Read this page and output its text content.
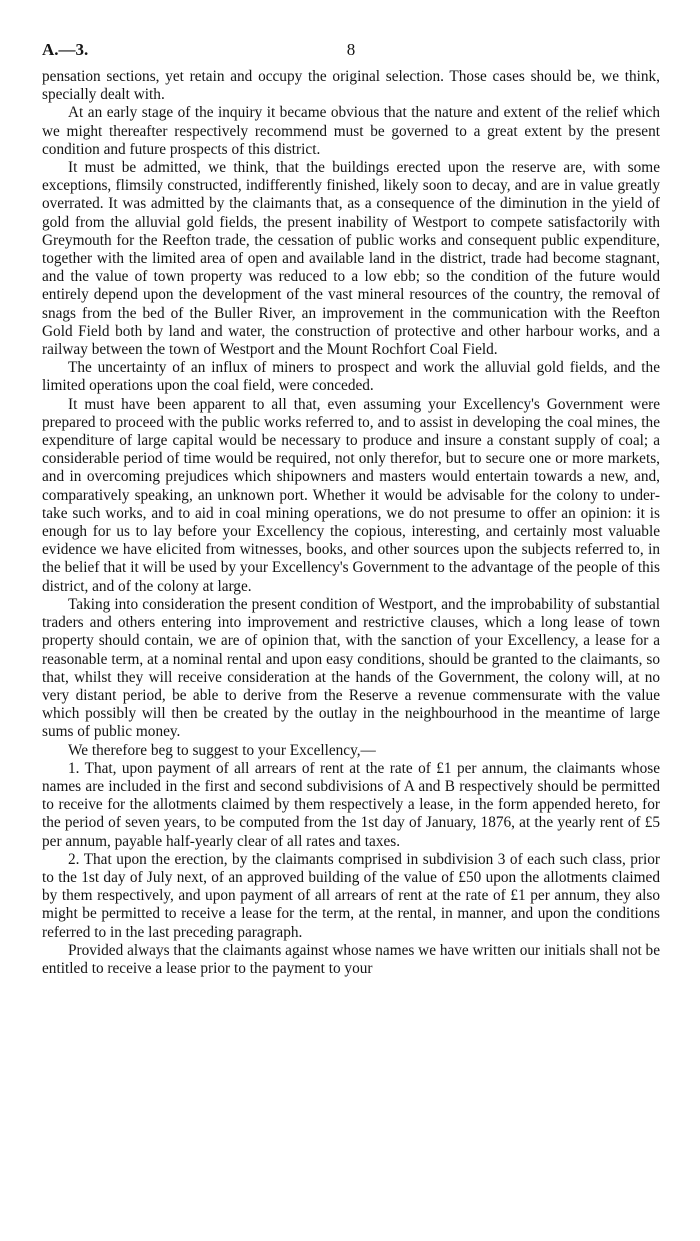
A.—3.	8

pensation sections, yet retain and occupy the original selection. Those cases should be, we think, specially dealt with.

At an early stage of the inquiry it became obvious that the nature and extent of the relief which we might thereafter respectively recommend must be governed to a great extent by the present condition and future prospects of this district.

It must be admitted, we think, that the buildings erected upon the reserve are, with some exceptions, flimsily constructed, indifferently finished, likely soon to decay, and are in value greatly overrated. It was admitted by the claimants that, as a consequence of the diminution in the yield of gold from the alluvial gold fields, the present inability of Westport to compete satisfactorily with Greymouth for the Reefton trade, the cessation of public works and consequent public expenditure, together with the limited area of open and available land in the district, trade had become stagnant, and the value of town property was reduced to a low ebb; so the condition of the future would entirely depend upon the development of the vast mineral resources of the country, the removal of snags from the bed of the Buller River, an improvement in the communication with the Reefton Gold Field both by land and water, the construction of protective and other harbour works, and a railway between the town of Westport and the Mount Rochfort Coal Field.

The uncertainty of an influx of miners to prospect and work the alluvial gold fields, and the limited operations upon the coal field, were conceded.

It must have been apparent to all that, even assuming your Excellency's Government were prepared to proceed with the public works referred to, and to assist in developing the coal mines, the expenditure of large capital would be necessary to produce and insure a constant supply of coal; a considerable period of time would be required, not only therefor, but to secure one or more markets, and in overcoming prejudices which shipowners and masters would entertain towards a new, and, comparatively speaking, an unknown port. Whether it would be advisable for the colony to undertake such works, and to aid in coal mining operations, we do not presume to offer an opinion: it is enough for us to lay before your Excellency the copious, interesting, and certainly most valuable evidence we have elicited from witnesses, books, and other sources upon the subjects referred to, in the belief that it will be used by your Excellency's Government to the advantage of the people of this district, and of the colony at large.

Taking into consideration the present condition of Westport, and the improbability of substantial traders and others entering into improvement and restrictive clauses, which a long lease of town property should contain, we are of opinion that, with the sanction of your Excellency, a lease for a reasonable term, at a nominal rental and upon easy conditions, should be granted to the claimants, so that, whilst they will receive consideration at the hands of the Government, the colony will, at no very distant period, be able to derive from the Reserve a revenue commensurate with the value which possibly will then be created by the outlay in the neighbourhood in the meantime of large sums of public money.

We therefore beg to suggest to your Excellency,—

1. That, upon payment of all arrears of rent at the rate of £1 per annum, the claimants whose names are included in the first and second subdivisions of A and B respectively should be permitted to receive for the allotments claimed by them respectively a lease, in the form appended hereto, for the period of seven years, to be computed from the 1st day of January, 1876, at the yearly rent of £5 per annum, payable half-yearly clear of all rates and taxes.

2. That upon the erection, by the claimants comprised in subdivision 3 of each such class, prior to the 1st day of July next, of an approved building of the value of £50 upon the allotments claimed by them respectively, and upon payment of all arrears of rent at the rate of £1 per annum, they also might be permitted to receive a lease for the term, at the rental, in manner, and upon the conditions referred to in the last preceding paragraph.

Provided always that the claimants against whose names we have written our initials shall not be entitled to receive a lease prior to the payment to your
